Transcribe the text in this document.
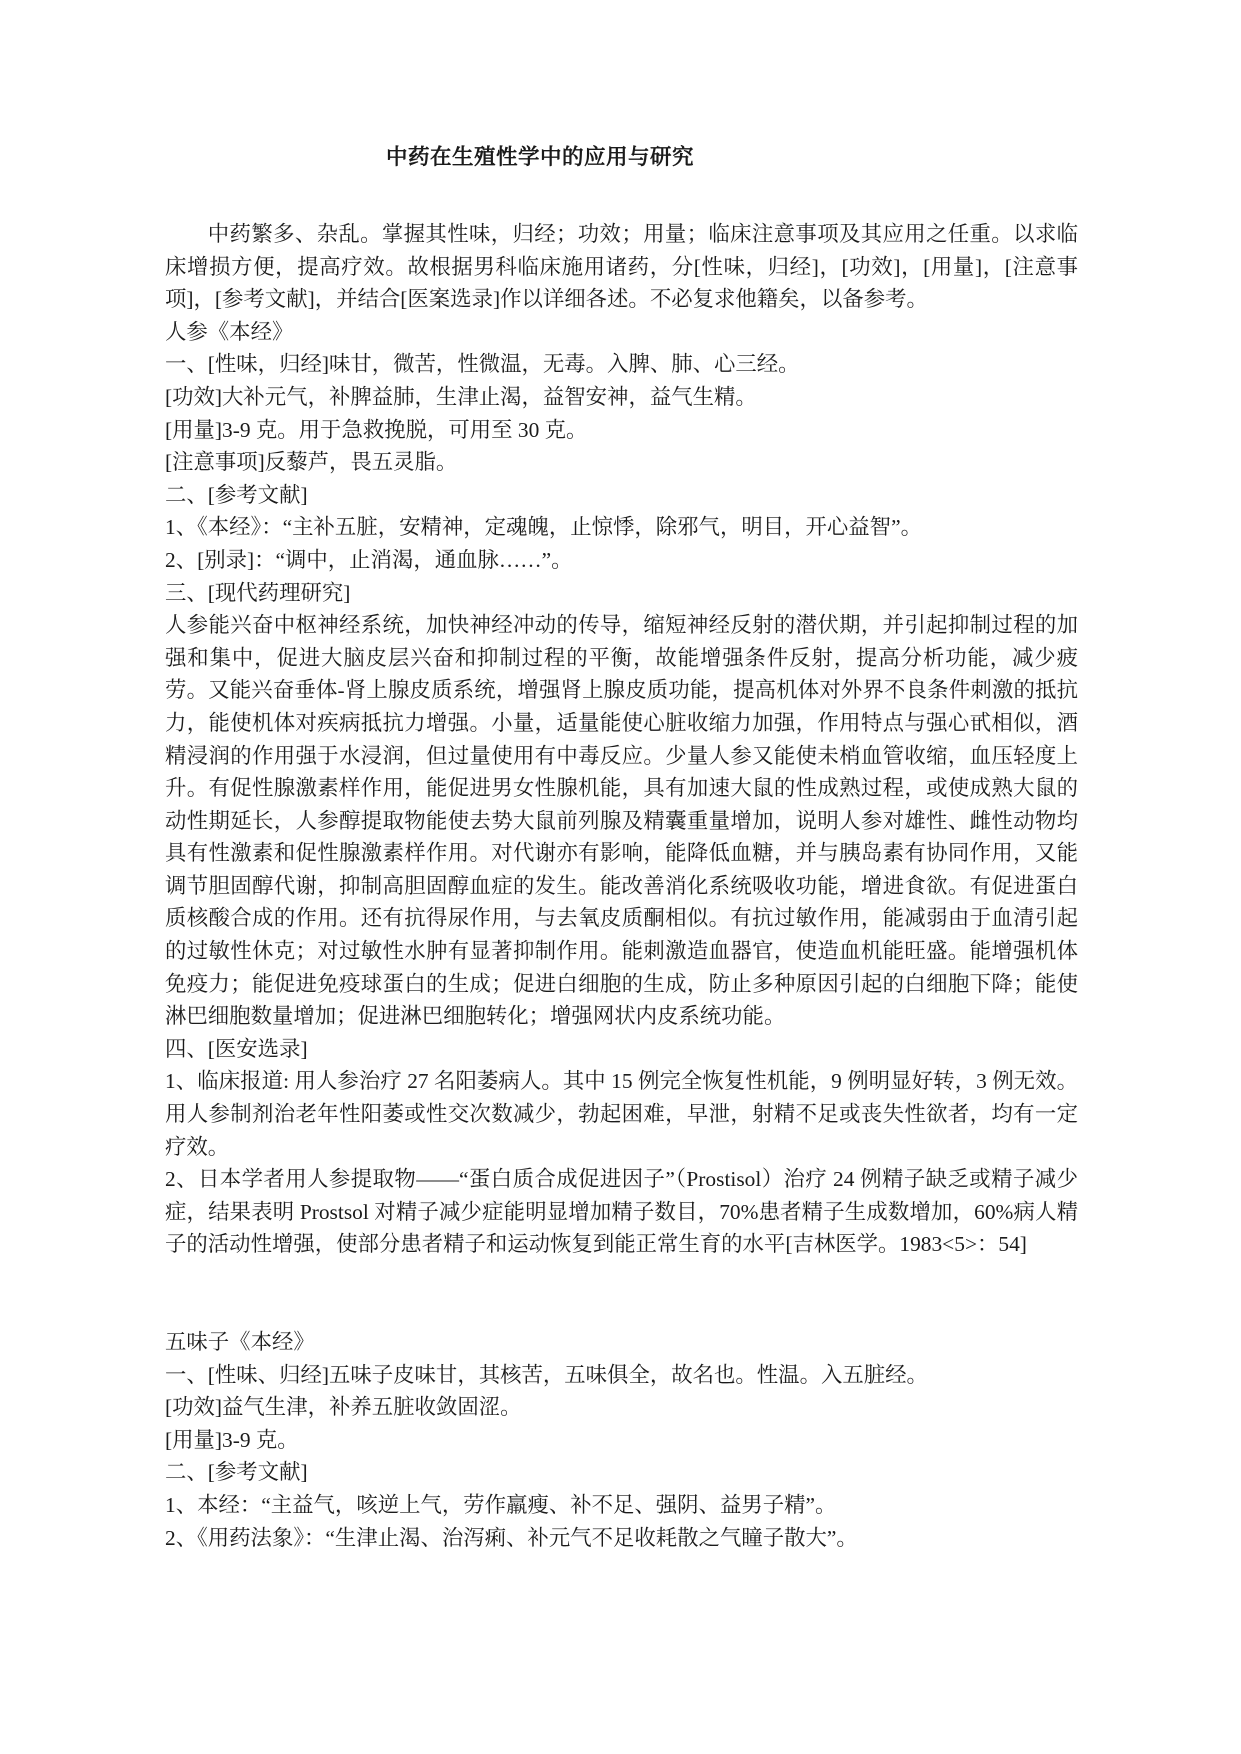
中药在生殖性学中的应用与研究
中药繁多、杂乱。掌握其性味，归经；功效；用量；临床注意事项及其应用之任重。以求临床增损方便，提高疗效。故根据男科临床施用诸药，分[性味，归经]，[功效]，[用量]，[注意事项]，[参考文献]，并结合[医案选录]作以详细各述。不必复求他籍矣，以备参考。
人参《本经》
一、[性味，归经]味甘，微苦，性微温，无毒。入脾、肺、心三经。
[功效]大补元气，补脾益肺，生津止渴，益智安神，益气生精。
[用量]3-9 克。用于急救挽脱，可用至 30 克。
[注意事项]反藜芦，畏五灵脂。
二、[参考文献]
1、《本经》：“主补五脏，安精神，定魂魄，止惊悸，除邪气，明目，开心益智”。
2、[别录]：“调中，止消渴，通血脉……”。
三、[现代药理研究]
人参能兴奋中枢神经系统，加快神经冲动的传导，缩短神经反射的潜伏期，并引起抑制过程的加强和集中，促进大脑皮层兴奋和抑制过程的平衡，故能增强条件反射，提高分析功能，减少疲劳。又能兴奋垂体-肾上腺皮质系统，增强肾上腺皮质功能，提高机体对外界不良条件刺激的抵抗力，能使机体对疾病抵抗力增强。小量，适量能使心脏收缩力加强，作用特点与强心甙相似，酒精浸润的作用强于水浸润，但过量使用有中毒反应。少量人参又能使未梢血管收缩，血压轻度上升。有促性腺激素样作用，能促进男女性腺机能，具有加速大鼠的性成熟过程，或使成熟大鼠的动性期延长，人参醇提取物能使去势大鼠前列腺及精囊重量增加，说明人参对雄性、雌性动物均具有性激素和促性腺激素样作用。对代谢亦有影响，能降低血糖，并与胰岛素有协同作用，又能调节胆固醇代谢，抑制高胆固醇血症的发生。能改善消化系统吸收功能，增进食欲。有促进蛋白质核酸合成的作用。还有抗得尿作用，与去氧皮质酮相似。有抗过敏作用，能减弱由于血清引起的过敏性休克；对过敏性水肿有显著抑制作用。能刺激造血器官，使造血机能旺盛。能增强机体免疫力；能促进免疫球蛋白的生成；促进白细胞的生成，防止多种原因引起的白细胞下降；能使淋巴细胞数量增加；促进淋巴细胞转化；增强网状内皮系统功能。
四、[医安选录]
1、临床报道: 用人参治疗 27 名阳萎病人。其中 15 例完全恢复性机能，9 例明显好转，3 例无效。用人参制剂治老年性阳萎或性交次数减少，勃起困难，早泄，射精不足或丧失性欲者，均有一定疗效。
2、日本学者用人参提取物——“蛋白质合成促进因子”（Prostisol）治疗 24 例精子缺乏或精子减少症，结果表明 Prostsol 对精子减少症能明显增加精子数目，70%患者精子生成数增加，60%病人精子的活动性增强，使部分患者精子和运动恢复到能正常生育的水平[吉林医学。1983<5>：54]
五味子《本经》
一、[性味、归经]五味子皮味甘，其核苦，五味俱全，故名也。性温。入五脏经。
[功效]益气生津，补养五脏收敛固涩。
[用量]3-9 克。
二、[参考文献]
1、本经：“主益气，咳逆上气，劳作羸瘦、补不足、强阴、益男子精”。
2、《用药法象》：“生津止渴、治泻痢、补元气不足收耗散之气瞳子散大”。
